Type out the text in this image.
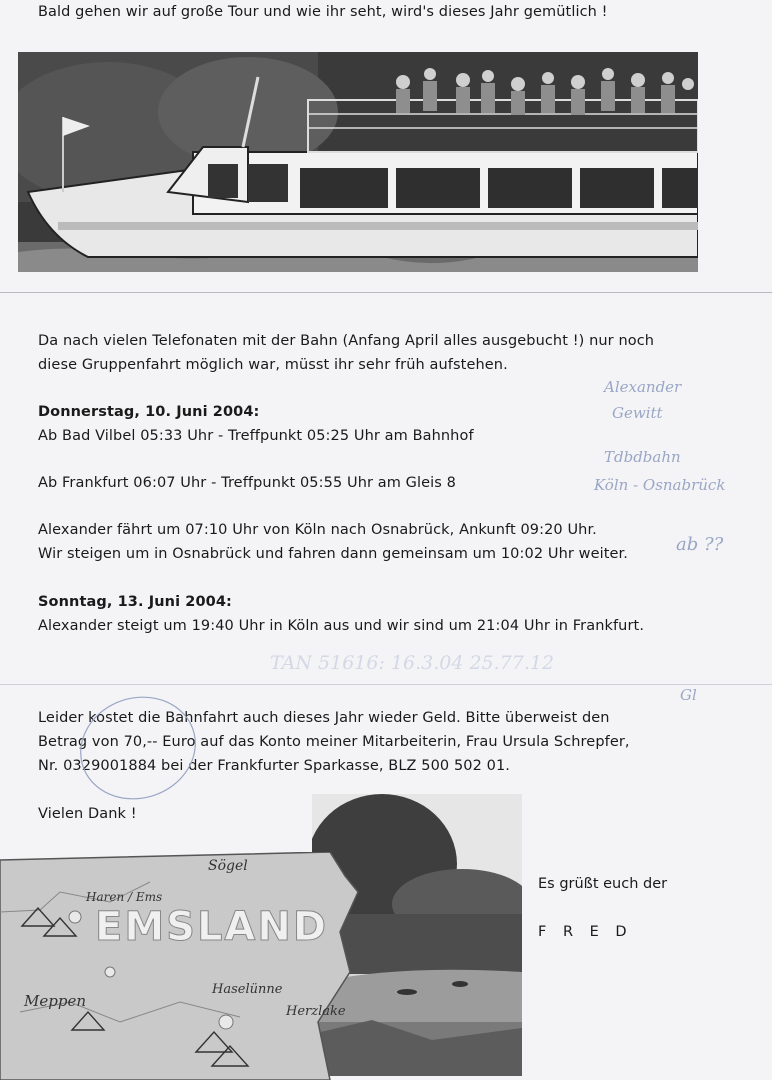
Bald gehen wir auf große Tour und wie ihr seht, wird's dieses Jahr gemütlich !
Da nach vielen Telefonaten mit der Bahn (Anfang April alles ausgebucht !) nur noch
diese Gruppenfahrt möglich war, müsst ihr sehr früh aufstehen.
Donnerstag, 10. Juni 2004:
Ab Bad Vilbel 05:33 Uhr - Treffpunkt 05:25 Uhr am Bahnhof
Ab Frankfurt 06:07 Uhr - Treffpunkt 05:55 Uhr am Gleis 8
Alexander fährt um 07:10 Uhr von Köln nach Osnabrück, Ankunft 09:20 Uhr.
Wir steigen um in Osnabrück und fahren dann gemeinsam um 10:02 Uhr weiter.
Sonntag, 13. Juni 2004:
Alexander steigt um 19:40 Uhr in Köln aus und wir sind um 21:04 Uhr in Frankfurt.
Alexander
Gewitt
Tdbdbahn
Köln - Osnabrück
ab ??
TAN 51616: 16.3.04 25.77.12
Gl
Leider kostet die Bahnfahrt auch dieses Jahr wieder Geld. Bitte überweist den
Betrag von 70,-- Euro auf das Konto meiner Mitarbeiterin, Frau Ursula Schrepfer,
Nr. 0329001884 bei der Frankfurter Sparkasse, BLZ 500 502 01.
Vielen Dank !
EMSLAND
Sögel
Haren / Ems
Meppen
Haselünne
Herzlake
Es grüßt euch der
F R E D
